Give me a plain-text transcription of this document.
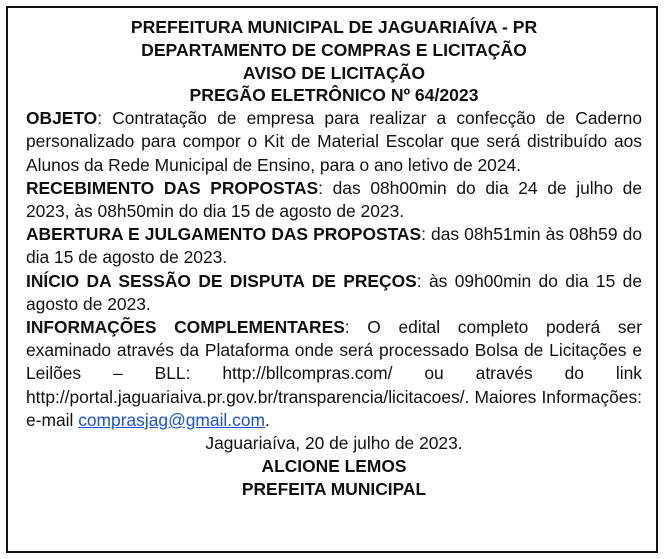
PREFEITURA MUNICIPAL DE JAGUARIAÍVA - PR
DEPARTAMENTO DE COMPRAS E LICITAÇÃO
AVISO DE LICITAÇÃO
PREGÃO ELETRÔNICO Nº 64/2023

OBJETO: Contratação de empresa para realizar a confecção de Caderno personalizado para compor o Kit de Material Escolar que será distribuído aos Alunos da Rede Municipal de Ensino, para o ano letivo de 2024.

RECEBIMENTO DAS PROPOSTAS: das 08h00min do dia 24 de julho de 2023, às 08h50min do dia 15 de agosto de 2023.

ABERTURA E JULGAMENTO DAS PROPOSTAS: das 08h51min às 08h59 do dia 15 de agosto de 2023.

INÍCIO DA SESSÃO DE DISPUTA DE PREÇOS: às 09h00min do dia 15 de agosto de 2023.

INFORMAÇÕES COMPLEMENTARES: O edital completo poderá ser examinado através da Plataforma onde será processado Bolsa de Licitações e Leilões – BLL: http://bllcompras.com/ ou através do link http://portal.jaguariaiva.pr.gov.br/transparencia/licitacoes/. Maiores Informações: e-mail comprasjag@gmail.com.

Jaguariaíva, 20 de julho de 2023.
ALCIONE LEMOS
PREFEITA MUNICIPAL
